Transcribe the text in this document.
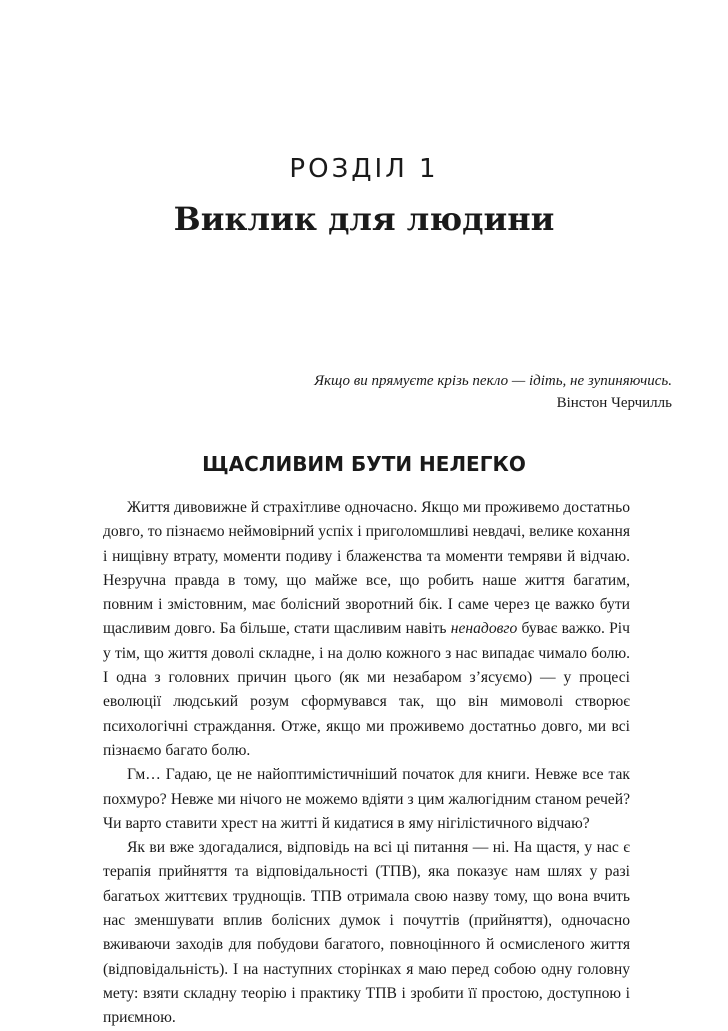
РОЗДІЛ 1
Виклик для людини
Якщо ви прямуєте крізь пекло — ідіть, не зупиняючись.
Вінстон Черчилль
ЩАСЛИВИМ БУТИ НЕЛЕГКО

Життя дивовижне й страхітливе одночасно. Якщо ми проживемо достатньо довго, то пізнаємо неймовірний успіх і приголомшливі невдачі, велике кохання і нищівну втрату, моменти подиву і блаженства та моменти темряви й відчаю. Незручна правда в тому, що майже все, що робить наше життя багатим, повним і змістовним, має болісний зворотний бік. І саме через це важко бути щасливим довго. Ба більше, стати щасливим навіть ненадовго буває важко. Річ у тім, що життя доволі складне, і на долю кожного з нас випадає чимало болю. І одна з головних причин цього (як ми незабаром з’ясуємо) — у процесі еволюції людський розум сформувався так, що він мимоволі створює психологічні страждання. Отже, якщо ми проживемо достатньо довго, ми всі пізнаємо багато болю.

Гм… Гадаю, це не найоптимістичніший початок для книги. Невже все так похмуро? Невже ми нічого не можемо вдіяти з цим жалюгідним станом речей? Чи варто ставити хрест на житті й кидатися в яму нігілістичного відчаю?

Як ви вже здогадалися, відповідь на всі ці питання — ні. На щастя, у нас є терапія прийняття та відповідальності (ТПВ), яка показує нам шлях у разі багатьох життєвих труднощів. ТПВ отримала свою назву тому, що вона вчить нас зменшувати вплив болісних думок і почуттів (прийняття), одночасно вживаючи заходів для побудови багатого, повноцінного й осмисленого життя (відповідальність). І на наступних сторінках я маю перед собою одну головну мету: взяти складну теорію і практику ТПВ і зробити її простою, доступною і приємною.
